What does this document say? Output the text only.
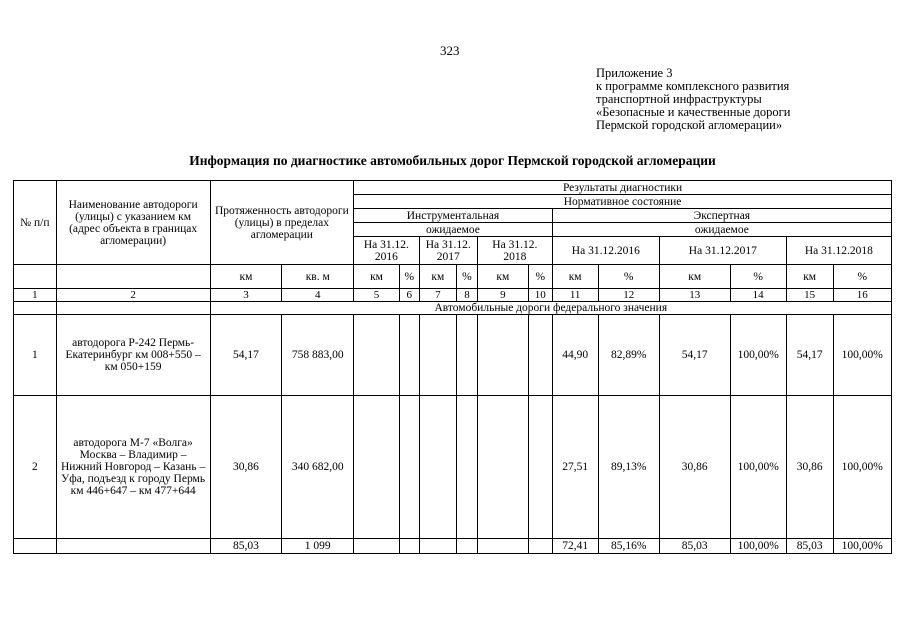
323
Приложение 3
к программе комплексного развития
транспортной инфраструктуры
«Безопасные и качественные дороги
Пермской городской агломерации»
Информация по диагностике автомобильных дорог Пермской городской агломерации
№ п/п	Наименование автодороги (улицы) с указанием км (адрес объекта в границах агломерации)	Протяженность автодороги (улицы) в пределах агломерации		Результаты диагностики											
				Нормативное состояние											
				Инструментальная						Экспертная					
				ожидаемое						ожидаемое					
				На 31.12. 2016		На 31.12. 2017		На 31.12. 2018		На 31.12.2016		На 31.12.2017		На 31.12.2018	
		км	кв. м	км	%	км	%	км	%	км	%	км	%	км	%
1	2	3	4	5	6	7	8	9	10	11	12	13	14	15	16
		Автомобильные дороги федерального значения													
1	автодорога Р-242 Пермь-Екатеринбург км 008+550 – км 050+159	54,17	758 883,00							44,90	82,89%	54,17	100,00%	54,17	100,00%
2	автодорога М-7 «Волга» Москва – Владимир – Нижний Новгород – Казань – Уфа, подъезд к городу Пермь км 446+647 – км 477+644	30,86	340 682,00							27,51	89,13%	30,86	100,00%	30,86	100,00%
		85,03	1 099							72,41	85,16%	85,03	100,00%	85,03	100,00%
